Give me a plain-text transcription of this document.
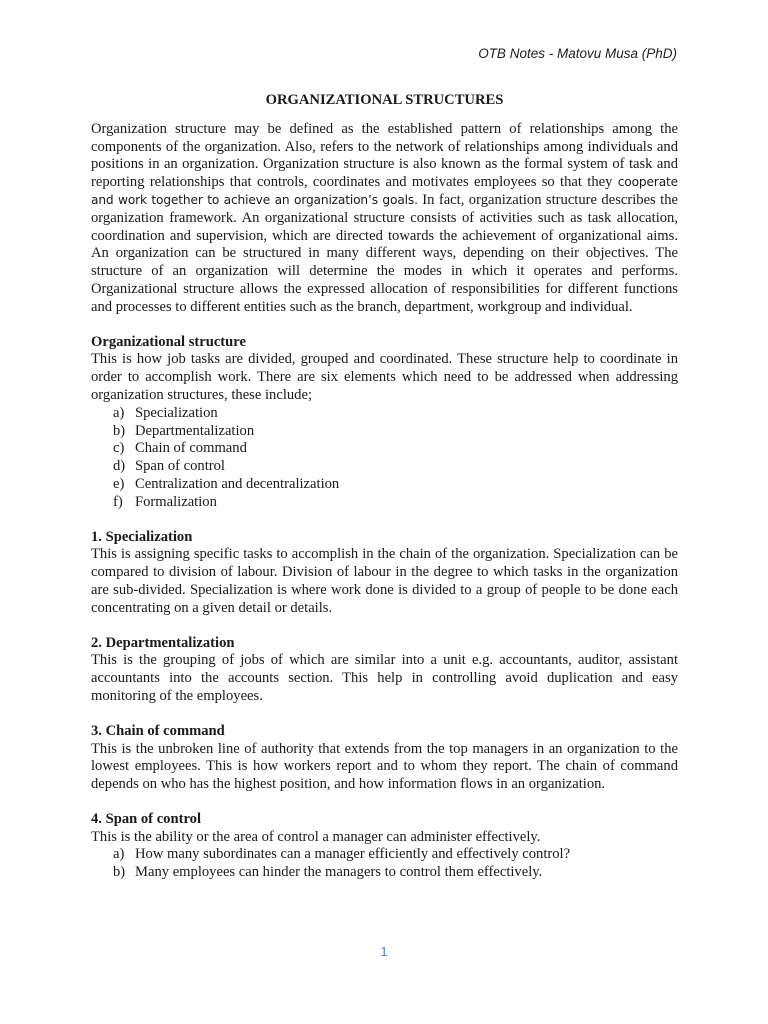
OTB Notes - Matovu Musa (PhD)

ORGANIZATIONAL STRUCTURES

Organization structure may be defined as the established pattern of relationships among the components of the organization. Also, refers to the network of relationships among individuals and positions in an organization. Organization structure is also known as the formal system of task and reporting relationships that controls, coordinates and motivates employees so that they cooperate and work together to achieve an organization’s goals. In fact, organization structure describes the organization framework. An organizational structure consists of activities such as task allocation, coordination and supervision, which are directed towards the achievement of organizational aims. An organization can be structured in many different ways, depending on their objectives. The structure of an organization will determine the modes in which it operates and performs. Organizational structure allows the expressed allocation of responsibilities for different functions and processes to different entities such as the branch, department, workgroup and individual.

Organizational structure

This is how job tasks are divided, grouped and coordinated. These structure help to coordinate in order to accomplish work. There are six elements which need to be addressed when addressing organization structures, these include;

a) Specialization
b) Departmentalization
c) Chain of command
d) Span of control
e) Centralization and decentralization
f) Formalization

1. Specialization

This is assigning specific tasks to accomplish in the chain of the organization. Specialization can be compared to division of labour. Division of labour in the degree to which tasks in the organization are sub-divided. Specialization is where work done is divided to a group of people to be done each concentrating on a given detail or details.

2. Departmentalization

This is the grouping of jobs of which are similar into a unit e.g. accountants, auditor, assistant accountants into the accounts section. This help in controlling avoid duplication and easy monitoring of the employees.

3. Chain of command

This is the unbroken line of authority that extends from the top managers in an organization to the lowest employees. This is how workers report and to whom they report. The chain of command depends on who has the highest position, and how information flows in an organization.

4. Span of control

This is the ability or the area of control a manager can administer effectively.

a) How many subordinates can a manager efficiently and effectively control?
b) Many employees can hinder the managers to control them effectively.
1
